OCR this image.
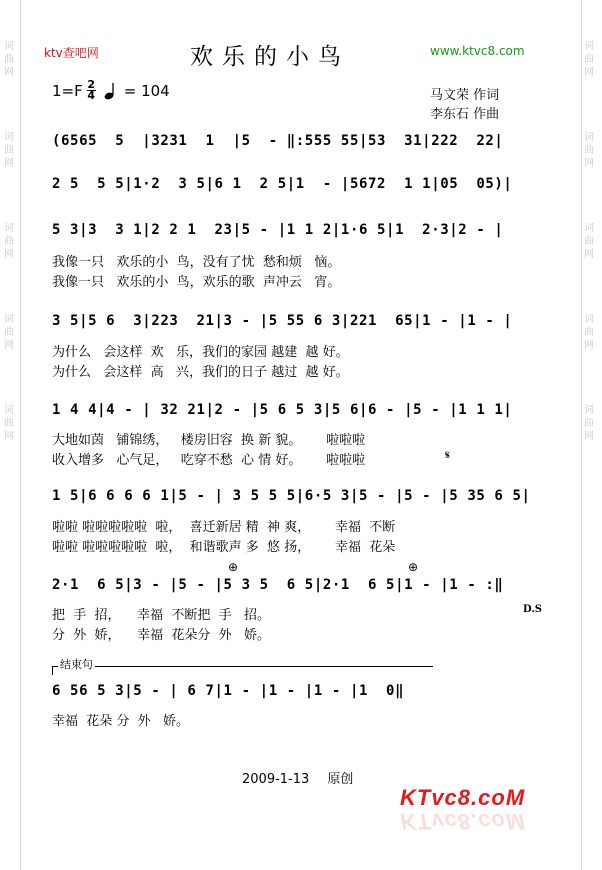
词
曲
网
词
曲
网
词
曲
网
词
曲
网
词
曲
网
词
曲
网
词
曲
网
词
曲
网
词
曲
网
词
曲
网
ktv查吧网	www.ktvc8.com
欢乐的小鸟
1=F 2
4 = 104	马文荣 作词
李东石 作曲
(6565  5  |3231  1  |5  - ‖:555 55|53  31|222  22|
2 5  5 5|1·2  3 5|6 1  2 5|1  - |5672  1 1|05  05)|
5 3|3  3 1|2 2 1  23|5 - |1 1 2|1·6 5|1  2·3|2 - |
我像一只   欢乐的小  鸟，没有了忧  愁和烦   恼。
我像一只   欢乐的小  鸟，欢乐的歌  声冲云   宵。
3 5|5 6  3|223  21|3 - |5 55 6 3|221  65|1 - |1 - |
为什么   会这样  欢   乐，我们的家园 越建  越 好。
为什么   会这样  高   兴，我们的日子 越过  越 好。
1 4 4|4 - | 32 21|2 - |5 6 5 3|5 6|6 - |5 - |1 1 1|
大地如茵   铺锦绣，   楼房旧容  换 新 貌。      啦啦啦
收入增多   心气足，   吃穿不愁  心 情 好。      啦啦啦	𝄋
1 5|6 6 6 6 1|5 - | 3 5 5 5|6·5 3|5 - |5 - |5 35 6 5|
啦啦 啦啦啦啦啦  啦，  喜迁新居 精  神 爽，      幸福  不断
啦啦 啦啦啦啦啦  啦，  和谐歌声 多  悠 扬，      幸福  花朵
⊕	⊕
2·1  6 5|3 - |5 - |5 3 5  6 5|2·1  6 5|1 - |1 - :‖
D.S
把  手  招，    幸福  不断把  手   招。
分  外  娇，    幸福  花朵分  外   娇。
结束句
6 56 5 3|5 - | 6 7|1 - |1 - |1 - |1  0‖
幸福  花朵 分  外   娇。
2009-1-13 原创
KTvc8.coM
KTvc8.coM
